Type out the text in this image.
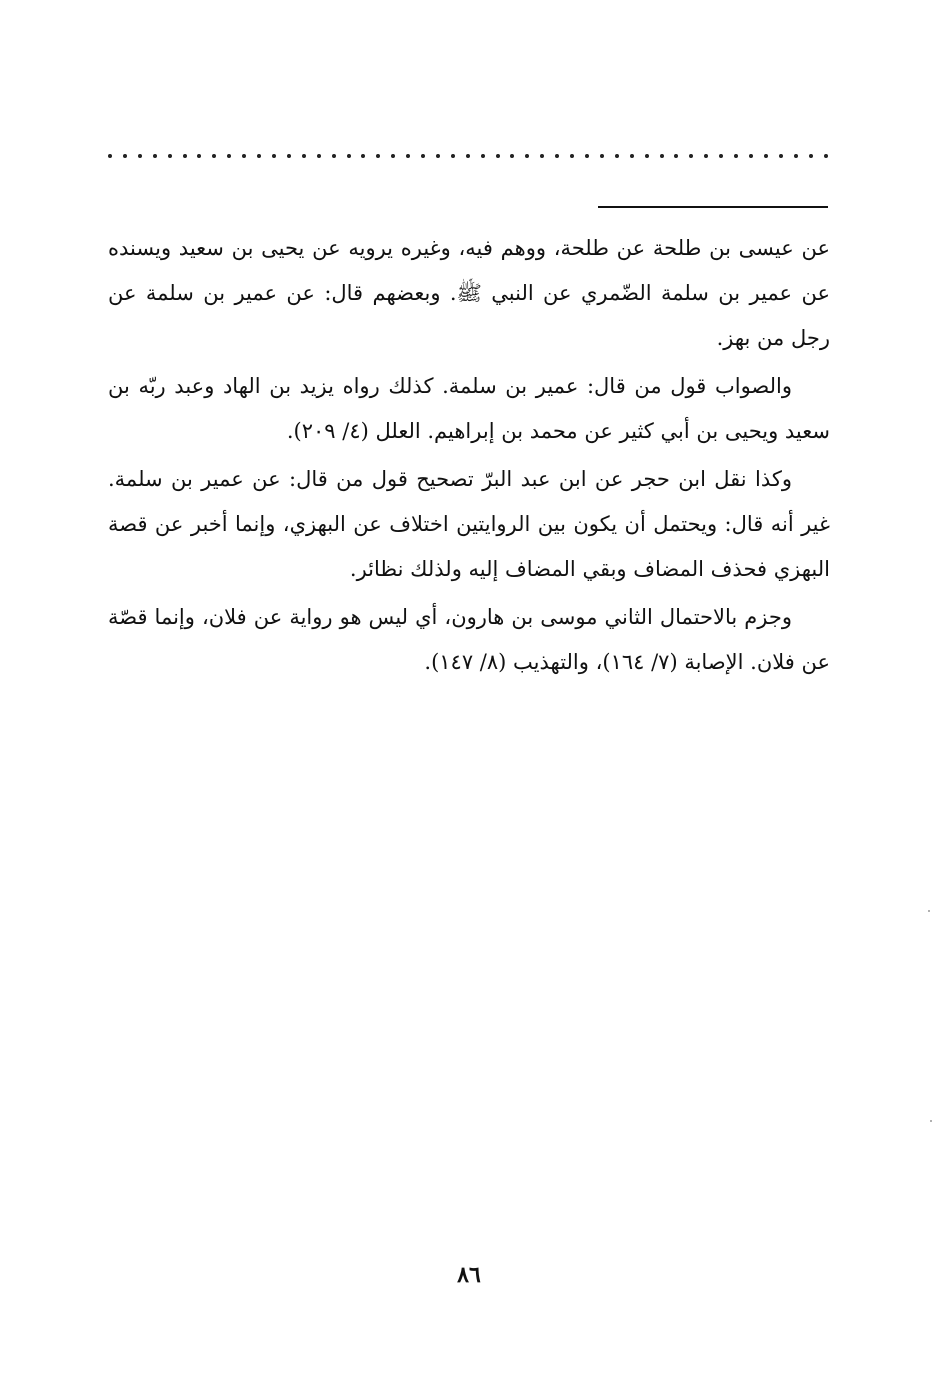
عن عيسى بن طلحة عن طلحة، ووهم فيه، وغيره يرويه عن يحيى بن سعيد ويسنده عن عمير بن سلمة الضّمري عن النبي ﷺ. وبعضهم قال: عن عمير بن سلمة عن رجل من بهز.

والصواب قول من قال: عمير بن سلمة. كذلك رواه يزيد بن الهاد وعبد ربّه بن سعيد ويحيى بن أبي كثير عن محمد بن إبراهيم. العلل (٤/ ٢٠٩).

وكذا نقل ابن حجر عن ابن عبد البرّ تصحيح قول من قال: عن عمير بن سلمة. غير أنه قال: ويحتمل أن يكون بين الروايتين اختلاف عن البهزي، وإنما أخبر عن قصة البهزي فحذف المضاف وبقي المضاف إليه ولذلك نظائر.

وجزم بالاحتمال الثاني موسى بن هارون، أي ليس هو رواية عن فلان، وإنما قصّة عن فلان. الإصابة (٧/ ١٦٤)، والتهذيب (٨/ ١٤٧).

٨٦
